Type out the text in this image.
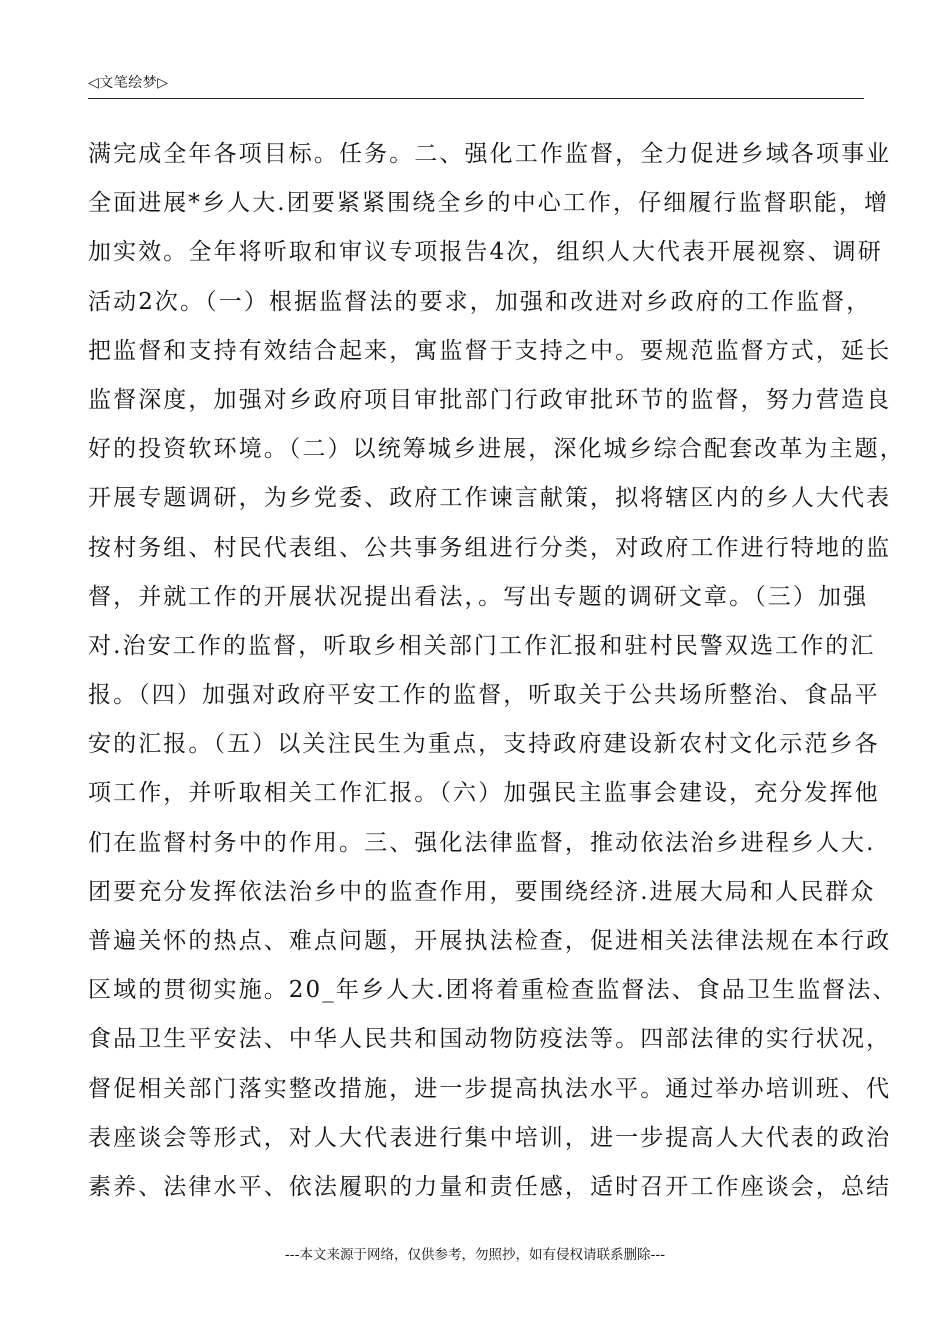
◁文笔绘梦▷
满完成全年各项目标。任务。二、强化工作监督，全力促进乡域各项事业
全面进展*乡人大.团要紧紧围绕全乡的中心工作，仔细履行监督职能，增
加实效。全年将听取和审议专项报告4次，组织人大代表开展视察、调研
活动2次。（一）根据监督法的要求，加强和改进对乡政府的工作监督，
把监督和支持有效结合起来，寓监督于支持之中。要规范监督方式，延长
监督深度，加强对乡政府项目审批部门行政审批环节的监督，努力营造良
好的投资软环境。（二）以统筹城乡进展，深化城乡综合配套改革为主题，
开展专题调研，为乡党委、政府工作谏言献策，拟将辖区内的乡人大代表
按村务组、村民代表组、公共事务组进行分类，对政府工作进行特地的监
督，并就工作的开展状况提出看法，。写出专题的调研文章。（三）加强
对.治安工作的监督，听取乡相关部门工作汇报和驻村民警双选工作的汇
报。（四）加强对政府平安工作的监督，听取关于公共场所整治、食品平
安的汇报。（五）以关注民生为重点，支持政府建设新农村文化示范乡各
项工作，并听取相关工作汇报。（六）加强民主监事会建设，充分发挥他
们在监督村务中的作用。三、强化法律监督，推动依法治乡进程乡人大.
团要充分发挥依法治乡中的监查作用，要围绕经济.进展大局和人民群众
普遍关怀的热点、难点问题，开展执法检查，促进相关法律法规在本行政
区域的贯彻实施。20_年乡人大.团将着重检查监督法、食品卫生监督法、
食品卫生平安法、中华人民共和国动物防疫法等。四部法律的实行状况，
督促相关部门落实整改措施，进一步提高执法水平。通过举办培训班、代
表座谈会等形式，对人大代表进行集中培训，进一步提高人大代表的政治
素养、法律水平、依法履职的力量和责任感，适时召开工作座谈会，总结
---本文来源于网络，仅供参考，勿照抄，如有侵权请联系删除---
